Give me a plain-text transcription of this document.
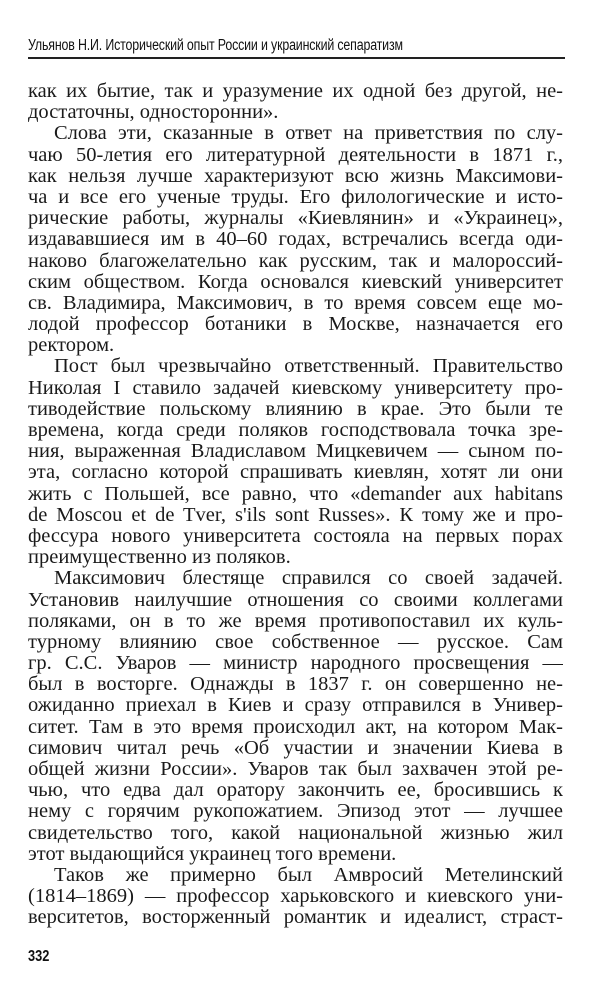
Ульянов Н.И. Исторический опыт России и украинский сепаратизм
как их бытие, так и уразумение их одной без другой, не-
достаточны, односторонни».
Слова эти, сказанные в ответ на приветствия по слу-
чаю 50-летия его литературной деятельности в 1871 г.,
как нельзя лучше характеризуют всю жизнь Максимови-
ча и все его ученые труды. Его филологические и исто-
рические работы, журналы «Киевлянин» и «Украинец»,
издававшиеся им в 40–60 годах, встречались всегда оди-
наково благожелательно как русским, так и малороссий-
ским обществом. Когда основался киевский университет
св. Владимира, Максимович, в то время совсем еще мо-
лодой профессор ботаники в Москве, назначается его
ректором.
Пост был чрезвычайно ответственный. Правительство
Николая I ставило задачей киевскому университету про-
тиводействие польскому влиянию в крае. Это были те
времена, когда среди поляков господствовала точка зре-
ния, выраженная Владиславом Мицкевичем — сыном по-
эта, согласно которой спрашивать киевлян, хотят ли они
жить с Польшей, все равно, что «demander aux habitans
de Moscou et de Tver, s'ils sont Russes». К тому же и про-
фессура нового университета состояла на первых порах
преимущественно из поляков.
Максимович блестяще справился со своей задачей.
Установив наилучшие отношения со своими коллегами
поляками, он в то же время противопоставил их куль-
турному влиянию свое собственное — русское. Сам
гр. С.С. Уваров — министр народного просвещения —
был в восторге. Однажды в 1837 г. он совершенно не-
ожиданно приехал в Киев и сразу отправился в Универ-
ситет. Там в это время происходил акт, на котором Мак-
симович читал речь «Об участии и значении Киева в
общей жизни России». Уваров так был захвачен этой ре-
чью, что едва дал оратору закончить ее, бросившись к
нему с горячим рукопожатием. Эпизод этот — лучшее
свидетельство того, какой национальной жизнью жил
этот выдающийся украинец того времени.
Таков же примерно был Амвросий Метелинский
(1814–1869) — профессор харьковского и киевского уни-
верситетов, восторженный романтик и идеалист, страст-
332
